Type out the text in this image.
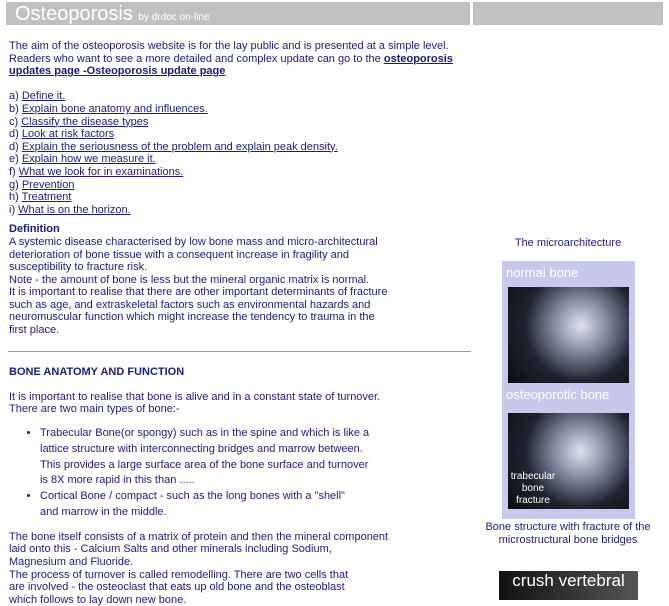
Osteoporosis by drdoc on-line

The aim of the osteoporosis website is for the lay public and is presented at a simple level.

Readers who want to see a more detailed and complex update can go to the osteoporosis updates page -Osteoporosis update page

a) Define it.

b) Explain bone anatomy and influences.

c) Classify the disease types

d) Look at risk factors

d) Explain the seriousness of the problem and explain peak density.

e) Explain how we measure it.

f) What we look for in examinations.

g) Prevention

h) Treatment

i) What is on the horizon.

Definition

A systemic disease characterised by low bone mass and micro-architectural deterioration of bone tissue with a consequent increase in fragility and susceptibility to fracture risk.

Note - the amount of bone is less but the mineral organic matrix is normal.

It is important to realise that there are other important determinants of fracture such as age, and extraskeletal factors such as environmental hazards and neuromuscular function which might increase the tendency to trauma in the first place.

BONE ANATOMY AND FUNCTION

It is important to realise that bone is alive and in a constant state of turnover.

There are two main types of bone:-

• Trabecular Bone(or spongy) such as in the spine and which is like a lattice structure with interconnecting bridges and marrow between. This provides a large surface area of the bone surface and turnover is 8X more rapid in this than .....
• Cortical Bone / compact - such as the long bones with a "shell" and marrow in the middle.

The bone itself consists of a matrix of protein and then the mineral component laid onto this - Calcium Salts and other minerals including Sodium, Magnesium and Fluoride.

The process of turnover is called remodelling. There are two cells that are involved - the osteoclast that eats up old bone and the osteoblast which follows to lay down new bone.

The microarchitecture
normal bone
osteoporotic bone
trabecular bone fracture
Bone structure with fracture of the microstructural bone bridges
crush vertebral
